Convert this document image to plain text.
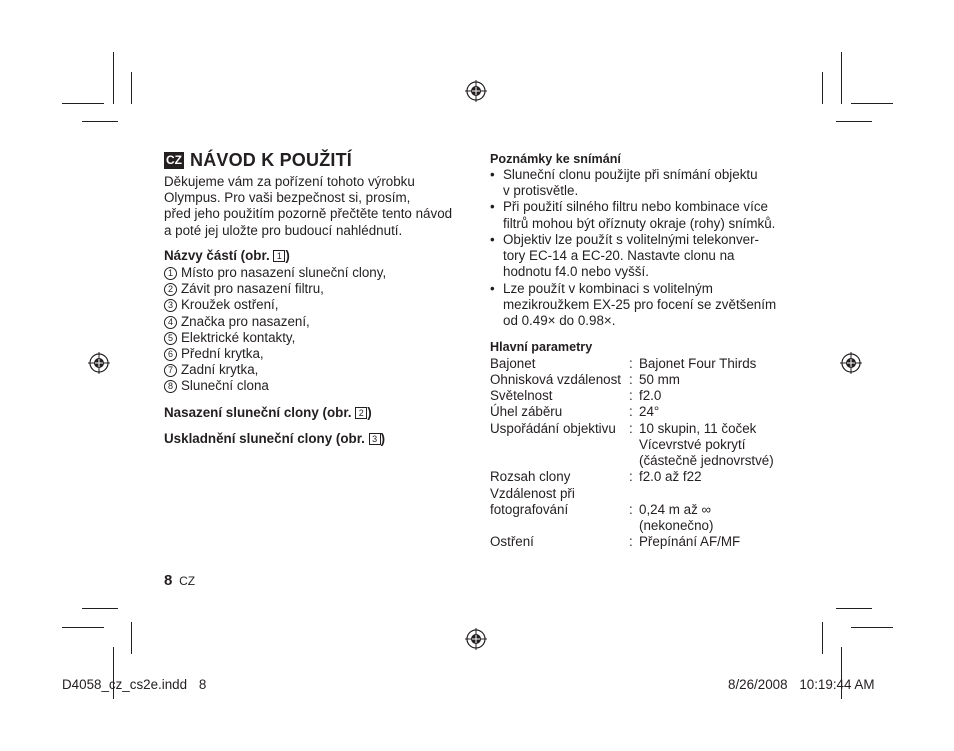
CZ NÁVOD K POUŽITÍ
Děkujeme vám za pořízení tohoto výrobku
Olympus. Pro vaši bezpečnost si, prosím,
před jeho použitím pozorně přečtěte tento návod
a poté jej uložte pro budoucí nahlédnutí.
Názvy částí (obr. 1 )
1 Místo pro nasazení sluneční clony,
2 Závit pro nasazení filtru,
3 Kroužek ostření,
4 Značka pro nasazení,
5 Elektrické kontakty,
6 Přední krytka,
7 Zadní krytka,
8 Sluneční clona
Nasazení sluneční clony (obr. 2 )
Uskladnění sluneční clony (obr. 3 )
8 CZ
Poznámky ke snímání
• Sluneční clonu použijte při snímání objektu
v protisvětle.
• Při použití silného filtru nebo kombinace více
filtrů mohou být oříznuty okraje (rohy) snímků.
• Objektiv lze použít s volitelnými telekonver-
tory EC-14 a EC-20. Nastavte clonu na
hodnotu f4.0 nebo vyšší.
• Lze použít v kombinaci s volitelným
mezikroužkem EX-25 pro focení se zvětšením
od 0.49× do 0.98×.
Hlavní parametry
Bajonet	: Bajonet Four Thirds
Ohnisková vzdálenost : 50 mm
Světelnost	: f2.0
Úhel záběru	: 24°
Uspořádání objektivu : 10 skupin, 11 čoček
Vícevrstvé pokrytí
(částečně jednovrstvé)
Rozsah clony	: f2.0 až f22
Vzdálenost při
fotografování	: 0,24 m až ∞
(nekonečno)
Ostření	: Přepínání AF/MF
D4058_cz_cs2e.indd 8	8/26/2008 10:19:44 AM
